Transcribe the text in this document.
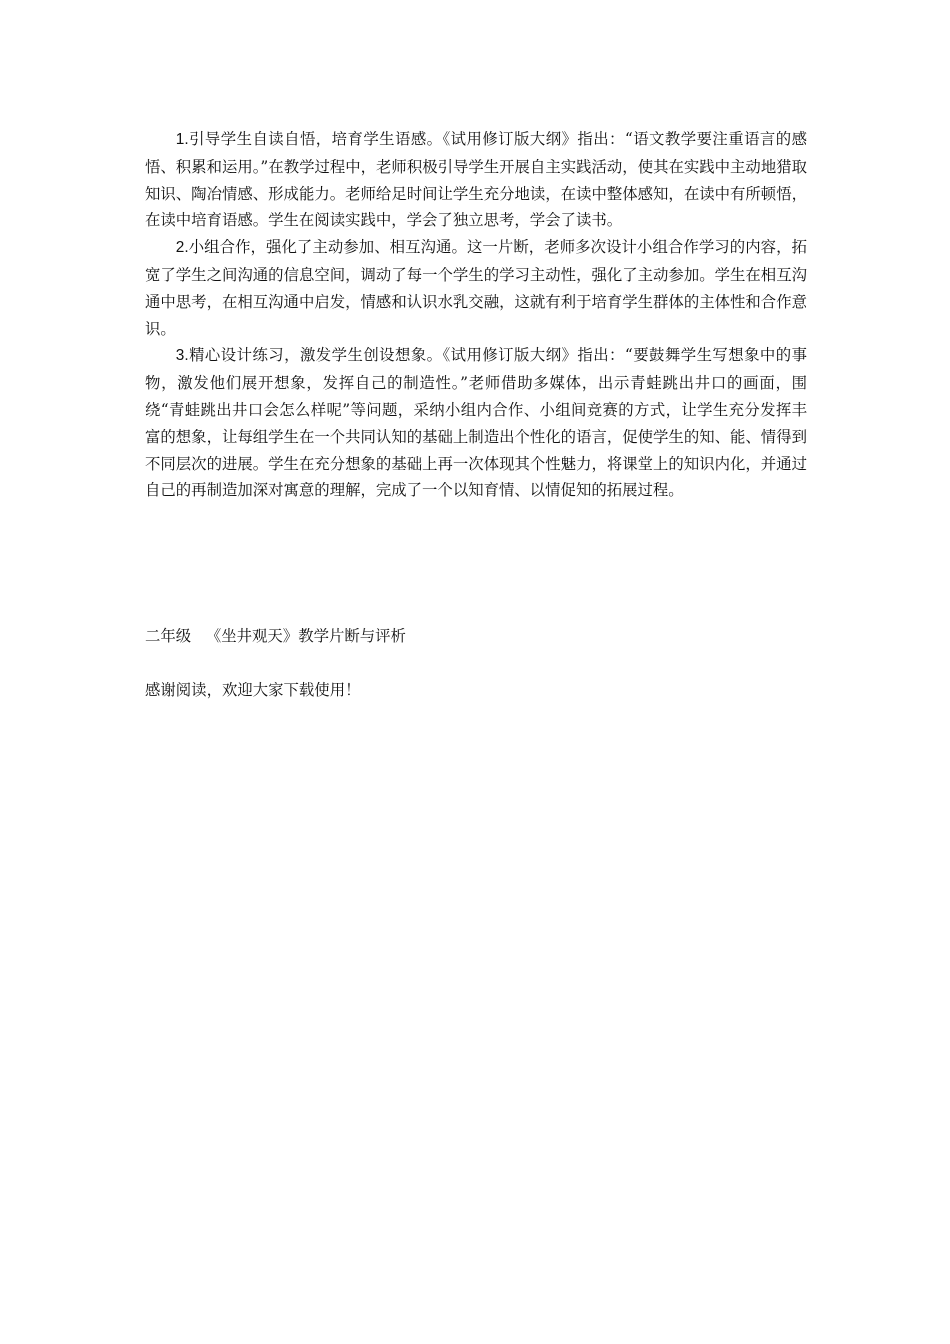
1.引导学生自读自悟，培育学生语感。《试用修订版大纲》指出：“语文教学要注重语言的感悟、积累和运用。”在教学过程中，老师积极引导学生开展自主实践活动，使其在实践中主动地猎取知识、陶冶情感、形成能力。老师给足时间让学生充分地读，在读中整体感知，在读中有所顿悟，在读中培育语感。学生在阅读实践中，学会了独立思考，学会了读书。

2.小组合作，强化了主动参加、相互沟通。这一片断，老师多次设计小组合作学习的内容，拓宽了学生之间沟通的信息空间，调动了每一个学生的学习主动性，强化了主动参加。学生在相互沟通中思考，在相互沟通中启发，情感和认识水乳交融，这就有利于培育学生群体的主体性和合作意识。

3.精心设计练习，激发学生创设想象。《试用修订版大纲》指出：“要鼓舞学生写想象中的事物，激发他们展开想象，发挥自己的制造性。”老师借助多媒体，出示青蛙跳出井口的画面，围绕“青蛙跳出井口会怎么样呢”等问题，采纳小组内合作、小组间竞赛的方式，让学生充分发挥丰富的想象，让每组学生在一个共同认知的基础上制造出个性化的语言，促使学生的知、能、情得到不同层次的进展。学生在充分想象的基础上再一次体现其个性魅力，将课堂上的知识内化，并通过自己的再制造加深对寓意的理解，完成了一个以知育情、以情促知的拓展过程。

二年级   《坐井观天》教学片断与评析

感谢阅读，欢迎大家下载使用！
